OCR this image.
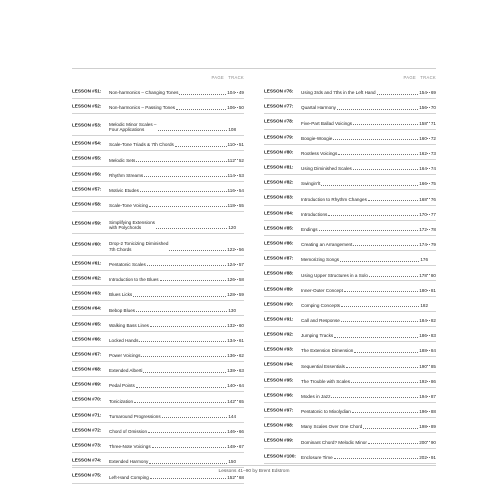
PAGE TRACK
LESSON #51: Non-harmonics – Changing Tones	104 49
LESSON #52: Non-harmonics – Passing Tones	106 50
LESSON #53: Melodic Minor Scales –
Four Applications	108
LESSON #54: Scale-Tone Triads & 7th Chords	110 51
LESSON #55: Melodic Sets	112 52
LESSON #56: Rhythm Streams	114 53
LESSON #57: Motivic Etudes	116 54
LESSON #58: Scale-Tone Voicing	118 55
LESSON #59: Simplifying Extensions
with Polychords	120
LESSON #60: Drop-2 Tonicizing Diminished
7th Chords	122 56
LESSON #61: Pentatonic Scales	124 57
LESSON #62: Introduction to the Blues	126 58
LESSON #63: Blues Licks	128 59
LESSON #64: Bebop Blues	130
LESSON #65: Walking Bass Lines	132 60
LESSON #66: Locked Hands	134 61
LESSON #67: Power Voicings	136 62
LESSON #68: Extended Alberti	138 63
LESSON #69: Pedal Points	140 64
LESSON #70: Tonicization	142 65
LESSON #71: Turnaround Progressions	144
LESSON #72: Chord of Omission	146 66
LESSON #73: Three-Note Voicings	148 67
LESSON #74: Extended Harmony	150
LESSON #75: Left-Hand Comping	152 68
PAGE TRACK
LESSON #76: Using 3rds and 7ths in the Left Hand	154 69
LESSON #77: Quartal Harmony	156 70
LESSON #78: Five-Part Ballad Voicings	158 71
LESSON #79: Boogie-Woogie	160 72
LESSON #80: Rootless Voicings	162 73
LESSON #81: Using Diminished Scales	164 74
LESSON #82: Swingin'lt	166 75
LESSON #83: Introduction to Rhythm Changes	168 76
LESSON #84: Introductions	170 77
LESSON #85: Endings	172 78
LESSON #86: Creating an Arrangement	174 79
LESSON #87: Memorizing Songs	176
LESSON #88: Using Upper Structures in a Solo	178 80
LESSON #89: Inner-Outer Concept	180 81
LESSON #90: Comping Concepts	182
LESSON #91: Call and Response	184 82
LESSON #92: Jumping Tracks	186 83
LESSON #93: The Extension Dimension	188 84
LESSON #94: Sequential Essentials	190 85
LESSON #95: The Trouble with Scales	192 86
LESSON #96: Modes in Jazz	194 87
LESSON #97: Pentatonic to Mixolydian	196 88
LESSON #98: Many Scales Over One Chord	198 89
LESSON #99: Dominant Chord? Melodic Minor	200 90
LESSON #100: Enclosure Time	202 91
Lessons 41–90 by Brent Edstrom
